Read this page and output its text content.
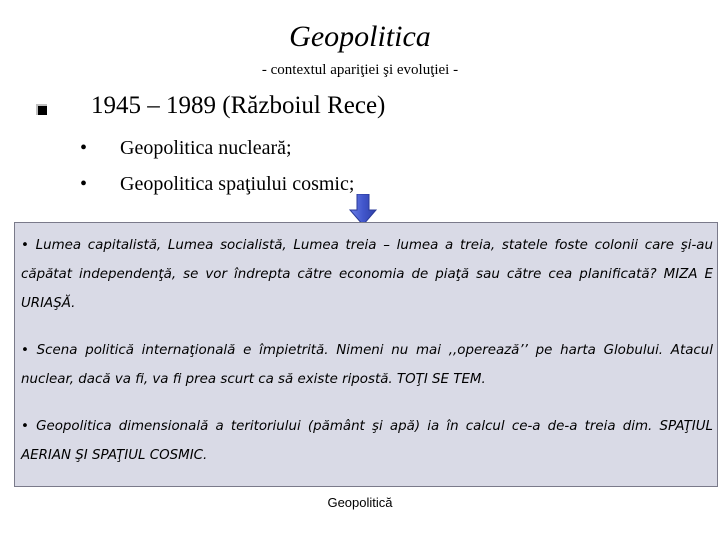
Geopolitica
- contextul apariţiei şi evoluţiei -
1945 – 1989 (Războiul Rece)
•	Geopolitica nucleară;
•	Geopolitica spaţiului cosmic;

• Lumea capitalistă, Lumea socialistă, Lumea treia – lumea a treia, statele foste colonii care şi-au căpătat independenţă, se vor îndrepta către economia de piaţă sau către cea planificată? MIZA E URIAŞĂ.

• Scena politică internaţională e împietrită. Nimeni nu mai ,,operează’’ pe harta Globului. Atacul nuclear, dacă va fi, va fi prea scurt ca să existe ripostă. TOŢI SE TEM.

• Geopolitica dimensională a teritoriului (pământ şi apă) ia în calcul ce-a de-a treia dim. SPAŢIUL AERIAN ŞI SPAŢIUL COSMIC.

Geopolitică
